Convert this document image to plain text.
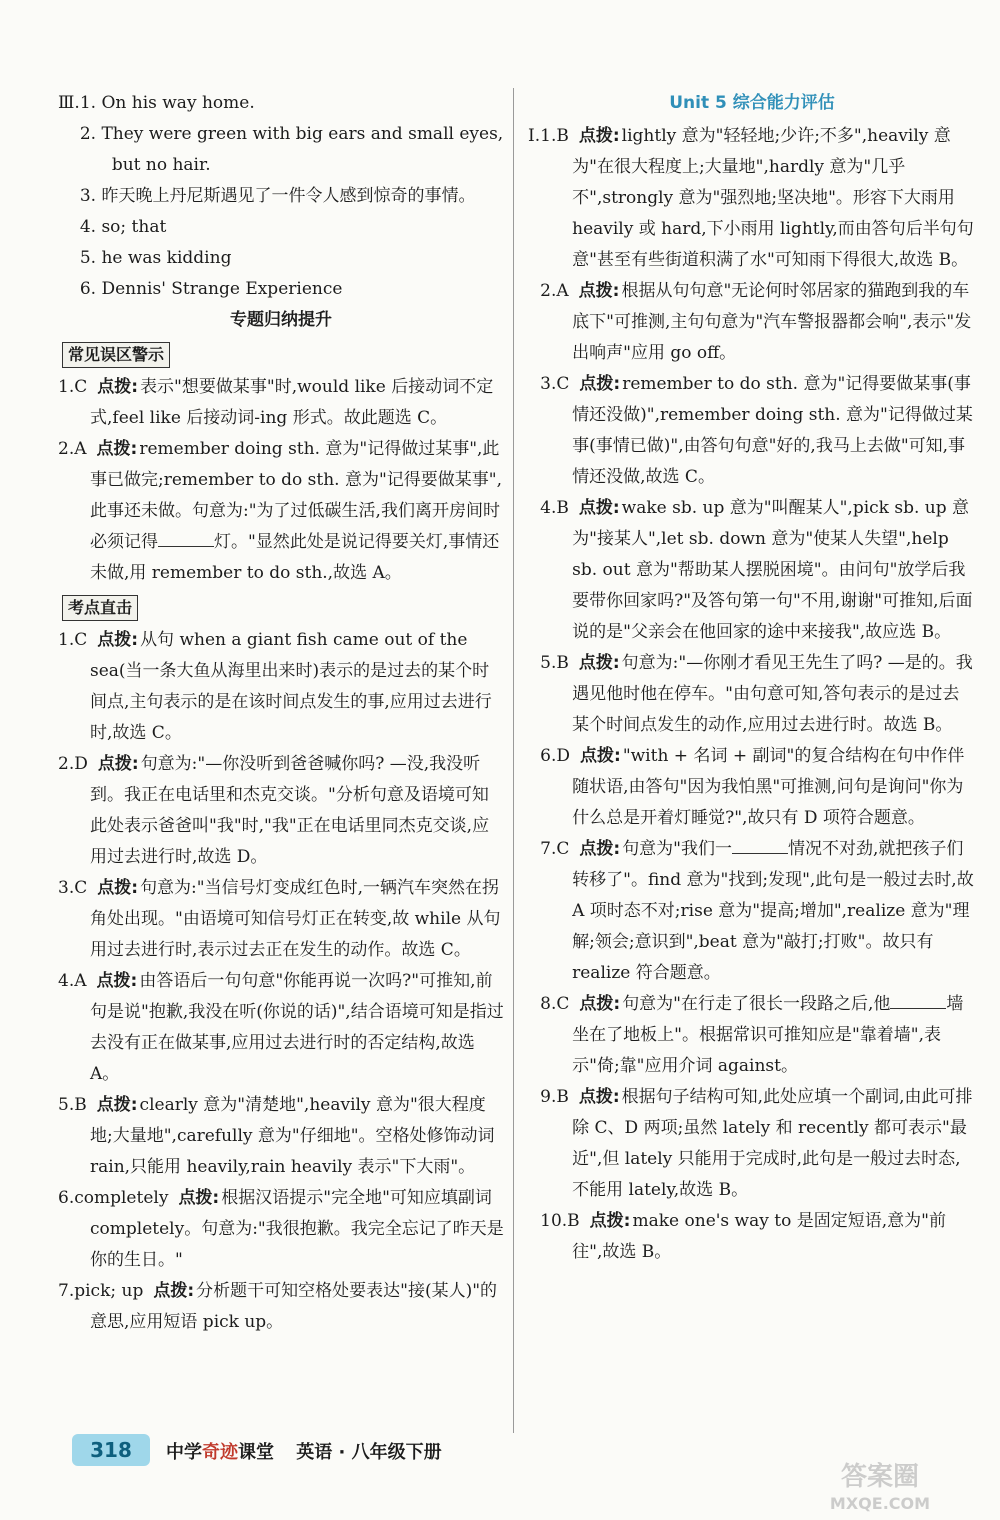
Ⅲ. 1. On his way home.
2. They were green with big ears and small eyes, but no hair.
3. 昨天晚上丹尼斯遇见了一件令人感到惊奇的事情。
4. so; that
5. he was kidding
6. Dennis' Strange Experience
专题归纳提升
常见误区警示
1.C 点拨: 表示"想要做某事"时,would like 后接动词不定式,feel like 后接动词-ing 形式。故此题选 C。
2.A 点拨: remember doing sth. 意为"记得做过某事",此事已做完;remember to do sth. 意为"记得要做某事",此事还未做。句意为:"为了过低碳生活,我们离开房间时必须记得	灯。"显然此处是说记得要关灯,事情还未做,用 remember to do sth.,故选 A。
考点直击
1.C 点拨: 从句 when a giant fish came out of the sea(当一条大鱼从海里出来时)表示的是过去的某个时间点,主句表示的是在该时间点发生的事,应用过去进行时,故选 C。
2.D 点拨: 句意为:"—你没听到爸爸喊你吗? —没,我没听到。我正在电话里和杰克交谈。"分析句意及语境可知此处表示爸爸叫"我"时,"我"正在电话里同杰克交谈,应用过去进行时,故选 D。
3.C 点拨: 句意为:"当信号灯变成红色时,一辆汽车突然在拐角处出现。"由语境可知信号灯正在转变,故 while 从句用过去进行时,表示过去正在发生的动作。故选 C。
4.A 点拨: 由答语后一句句意"你能再说一次吗?"可推知,前句是说"抱歉,我没在听(你说的话)",结合语境可知是指过去没有正在做某事,应用过去进行时的否定结构,故选 A。
5.B 点拨: clearly 意为"清楚地",heavily 意为"很大程度地;大量地",carefully 意为"仔细地"。空格处修饰动词 rain,只能用 heavily,rain heavily 表示"下大雨"。
6.completely 点拨: 根据汉语提示"完全地"可知应填副词 completely。句意为:"我很抱歉。我完全忘记了昨天是你的生日。"
7.pick; up 点拨: 分析题干可知空格处要表达"接(某人)"的意思,应用短语 pick up。
Unit 5 综合能力评估
Ⅰ. 1.B 点拨: lightly 意为"轻轻地;少许;不多",heavily 意为"在很大程度上;大量地",hardly 意为"几乎不",strongly 意为"强烈地;坚决地"。形容下大雨用 heavily 或 hard,下小雨用 lightly,而由答句后半句句意"甚至有些街道积满了水"可知雨下得很大,故选 B。
2.A 点拨: 根据从句句意"无论何时邻居家的猫跑到我的车底下"可推测,主句句意为"汽车警报器都会响",表示"发出响声"应用 go off。
3.C 点拨: remember to do sth. 意为"记得要做某事(事情还没做)",remember doing sth. 意为"记得做过某事(事情已做)",由答句句意"好的,我马上去做"可知,事情还没做,故选 C。
4.B 点拨: wake sb. up 意为"叫醒某人",pick sb. up 意为"接某人",let sb. down 意为"使某人失望",help sb. out 意为"帮助某人摆脱困境"。由问句"放学后我要带你回家吗?"及答句第一句"不用,谢谢"可推知,后面说的是"父亲会在他回家的途中来接我",故应选 B。
5.B 点拨: 句意为:"—你刚才看见王先生了吗? —是的。我遇见他时他在停车。"由句意可知,答句表示的是过去某个时间点发生的动作,应用过去进行时。故选 B。
6.D 点拨: "with + 名词 + 副词"的复合结构在句中作伴随状语,由答句"因为我怕黑"可推测,问句是询问"你为什么总是开着灯睡觉?",故只有 D 项符合题意。
7.C 点拨: 句意为"我们一	情况不对劲,就把孩子们转移了"。find 意为"找到;发现",此句是一般过去时,故 A 项时态不对;rise 意为"提高;增加",realize 意为"理解;领会;意识到",beat 意为"敲打;打败"。故只有 realize 符合题意。
8.C 点拨: 句意为"在行走了很长一段路之后,他	墙坐在了地板上"。根据常识可推知应是"靠着墙",表示"倚;靠"应用介词 against。
9.B 点拨: 根据句子结构可知,此处应填一个副词,由此可排除 C、D 两项;虽然 lately 和 recently 都可表示"最近",但 lately 只能用于完成时,此句是一般过去时态,不能用 lately,故选 B。
10.B 点拨: make one's way to 是固定短语,意为"前往",故选 B。
318	中学奇迹课堂 英语 · 八年级下册
答案圈
MXQE.COM
